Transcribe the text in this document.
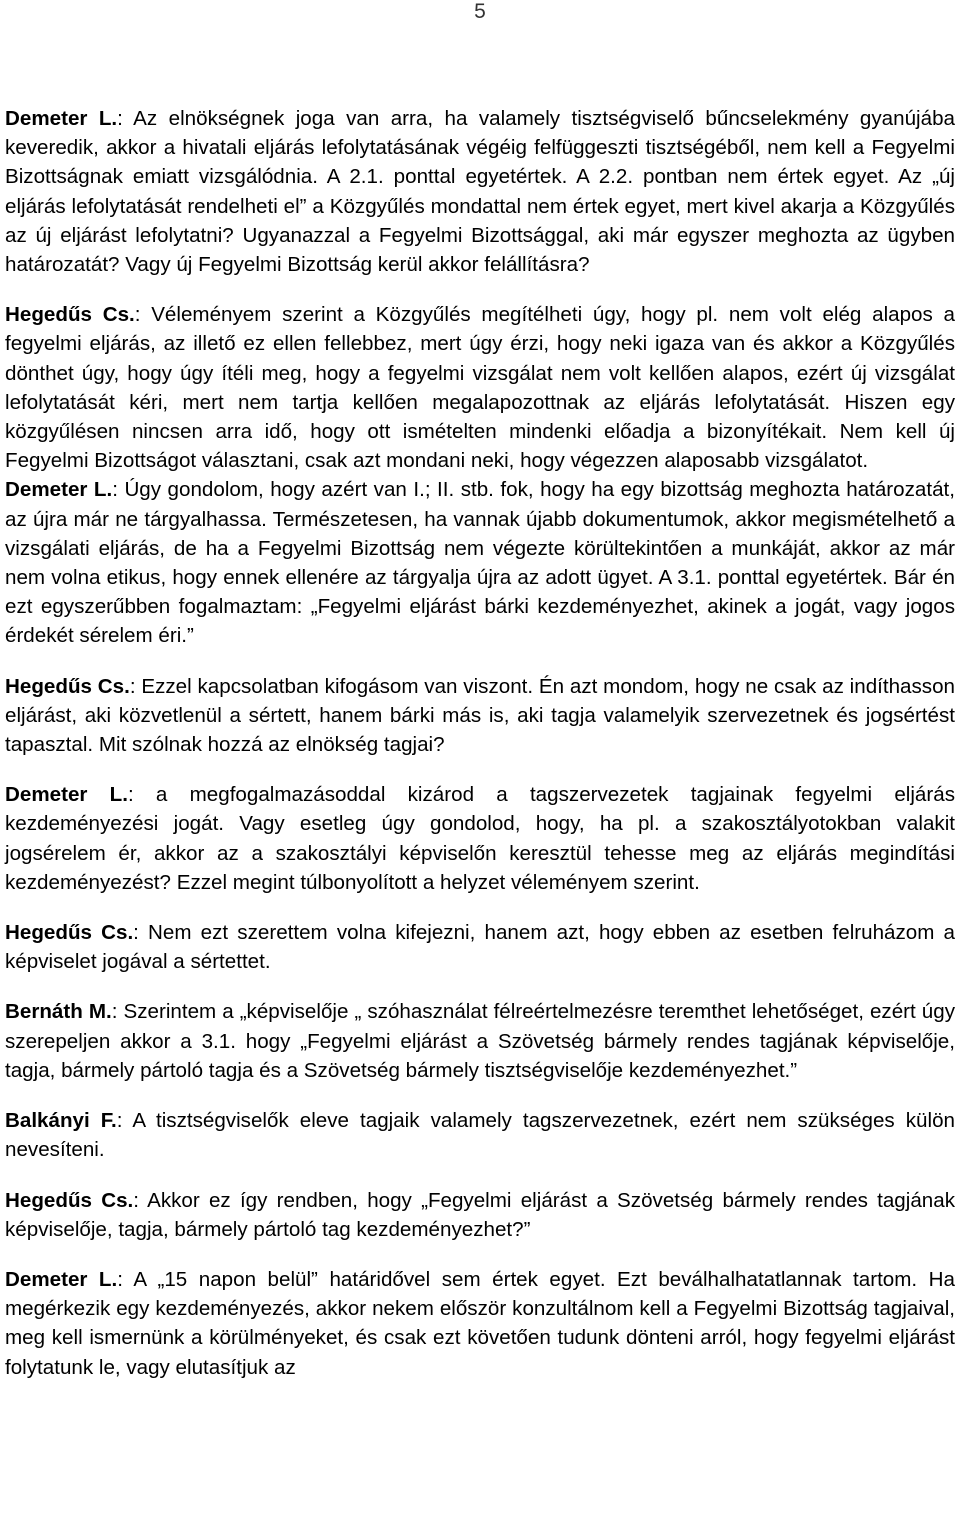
5

Demeter L.: Az elnökségnek joga van arra, ha valamely tisztségviselő bűncselekmény gyanújába keveredik, akkor a hivatali eljárás lefolytatásának végéig felfüggeszti tisztségéből, nem kell a Fegyelmi Bizottságnak emiatt vizsgálódnia. A 2.1. ponttal egyetértek. A 2.2. pontban nem értek egyet. Az „új eljárás lefolytatását rendelheti el” a Közgyűlés mondattal nem értek egyet, mert kivel akarja a Közgyűlés az új eljárást lefolytatni? Ugyanazzal a Fegyelmi Bizottsággal, aki már egyszer meghozta az ügyben határozatát? Vagy új Fegyelmi Bizottság kerül akkor felállításra?

Hegedűs Cs.: Véleményem szerint a Közgyűlés megítélheti úgy, hogy pl. nem volt elég alapos a fegyelmi eljárás, az illető ez ellen fellebbez, mert úgy érzi, hogy neki igaza van és akkor a Közgyűlés dönthet úgy, hogy úgy ítéli meg, hogy a fegyelmi vizsgálat nem volt kellően alapos, ezért új vizsgálat lefolytatását kéri, mert nem tartja kellően megalapozottnak az eljárás lefolytatását. Hiszen egy közgyűlésen nincsen arra idő, hogy ott ismételten mindenki előadja a bizonyítékait. Nem kell új Fegyelmi Bizottságot választani, csak azt mondani neki, hogy végezzen alaposabb vizsgálatot.

Demeter L.: Úgy gondolom, hogy azért van I.; II. stb. fok, hogy ha egy bizottság meghozta határozatát, az újra már ne tárgyalhassa. Természetesen, ha vannak újabb dokumentumok, akkor megismételhető a vizsgálati eljárás, de ha a Fegyelmi Bizottság nem végezte körültekintően a munkáját, akkor az már nem volna etikus, hogy ennek ellenére az tárgyalja újra az adott ügyet. A 3.1. ponttal egyetértek. Bár én ezt egyszerűbben fogalmaztam: „Fegyelmi eljárást bárki kezdeményezhet, akinek a jogát, vagy jogos érdekét sérelem éri.”

Hegedűs Cs.: Ezzel kapcsolatban kifogásom van viszont. Én azt mondom, hogy ne csak az indíthasson eljárást, aki közvetlenül a sértett, hanem bárki más is, aki tagja valamelyik szervezetnek és jogsértést tapasztal. Mit szólnak hozzá az elnökség tagjai?

Demeter L.: a megfogalmazásoddal kizárod a tagszervezetek tagjainak fegyelmi eljárás kezdeményezési jogát. Vagy esetleg úgy gondolod, hogy, ha pl. a szakosztályotokban valakit jogsérelem ér, akkor az a szakosztályi képviselőn keresztül tehesse meg az eljárás megindítási kezdeményezést? Ezzel megint túlbonyolított a helyzet véleményem szerint.

Hegedűs Cs.: Nem ezt szerettem volna kifejezni, hanem azt, hogy ebben az esetben felruházom a képviselet jogával a sértettet.

Bernáth M.: Szerintem a „képviselője „ szóhasználat félreértelmezésre teremthet lehetőséget, ezért úgy szerepeljen akkor a 3.1. hogy „Fegyelmi eljárást a Szövetség bármely rendes tagjának képviselője, tagja, bármely pártoló tagja és a Szövetség bármely tisztségviselője kezdeményezhet.”

Balkányi F.: A tisztségviselők eleve tagjaik valamely tagszervezetnek, ezért nem szükséges külön nevesíteni.

Hegedűs Cs.: Akkor ez így rendben, hogy „Fegyelmi eljárást a Szövetség bármely rendes tagjának képviselője, tagja, bármely pártoló tag kezdeményezhet?”

Demeter L.: A „15 napon belül” határidővel sem értek egyet. Ezt beválhalhatatlannak tartom. Ha megérkezik egy kezdeményezés, akkor nekem először konzultálnom kell a Fegyelmi Bizottság tagjaival, meg kell ismernünk a körülményeket, és csak ezt követően tudunk dönteni arról, hogy fegyelmi eljárást folytatunk le, vagy elutasítjuk az
